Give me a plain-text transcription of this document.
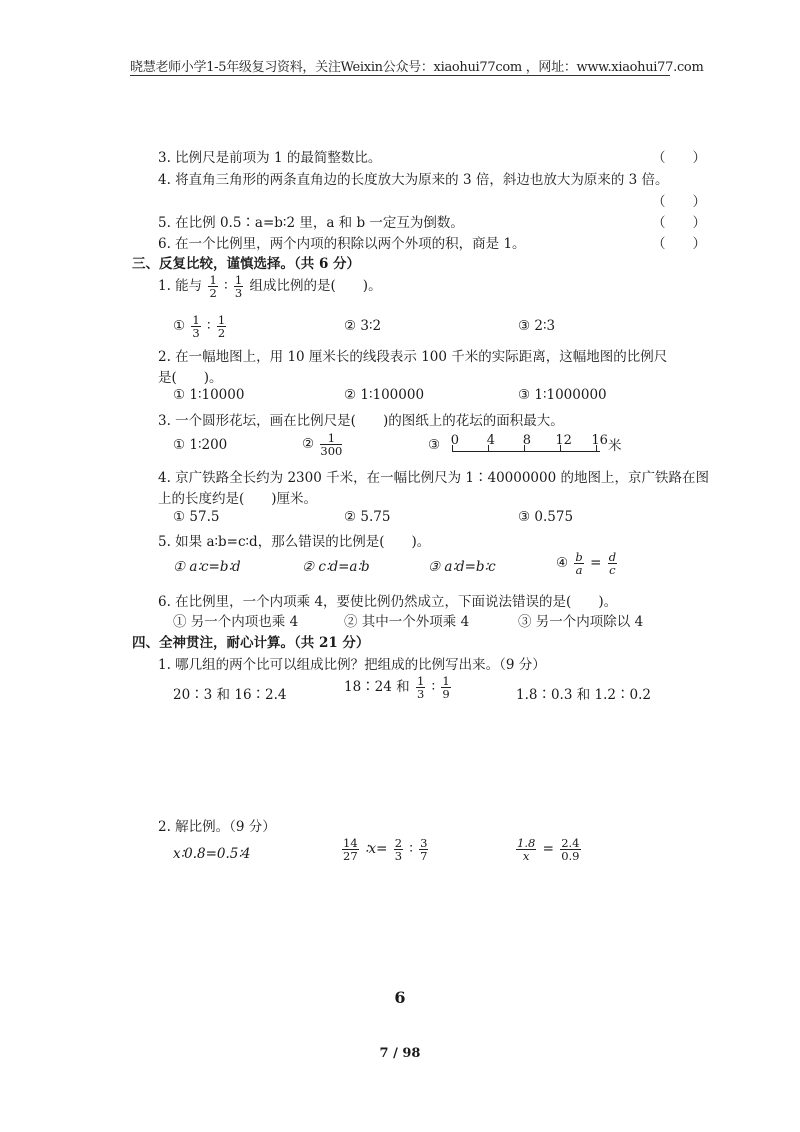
晓慧老师小学1-5年级复习资料，关注Weixin公众号：xiaohui77com ，网址：www.xiaohui77.com
3. 比例尺是前项为 1 的最简整数比。	（　　）
4. 将直角三角形的两条直角边的长度放大为原来的 3 倍，斜边也放大为原来的 3 倍。
（　　）
5. 在比例 0.5∶a=b∶2 里，a 和 b 一定互为倒数。	（　　）
6. 在一个比例里，两个内项的积除以两个外项的积，商是 1。	（　　）
三、反复比较，谨慎选择。（共 6 分）
1. 能与 $\frac{1}{2}$ ∶ $\frac{1}{3}$ 组成比例的是(　　)。
① $\frac{1}{3}$ ∶ $\frac{1}{2}$	② 3∶2	③ 2∶3
2. 在一幅地图上，用 10 厘米长的线段表示 100 千米的实际距离，这幅地图的比例尺
是(　　)。
① 1∶10000	② 1∶100000	③ 1∶1000000
3. 一个圆形花坛，画在比例尺是(　　)的图纸上的花坛的面积最大。
① 1∶200	② $\frac{1}{300}$	③ 0 4 8 12 16 米
4. 京广铁路全长约为 2300 千米，在一幅比例尺为 1∶40000000 的地图上，京广铁路在图
上的长度约是(　　)厘米。
① 57.5	② 5.75	③ 0.575
5. 如果 a∶b=c∶d，那么错误的比例是(　　)。
① a∶c=b∶d	② c∶d=a∶b	③ a∶d=b∶c	④ $\frac{b}{a} = \frac{d}{c}$
6. 在比例里，一个内项乘 4，要使比例仍然成立，下面说法错误的是(　　)。
① 另一个内项也乘 4	② 其中一个外项乘 4	③ 另一个内项除以 4
四、全神贯注，耐心计算。（共 21 分）
1. 哪几组的两个比可以组成比例？把组成的比例写出来。（9 分）
20∶3 和 16∶2.4	18∶24 和 $\frac{1}{3}$ ∶ $\frac{1}{9}$	1.8∶0.3 和 1.2∶0.2
2. 解比例。（9 分）
x∶0.8=0.5∶4	$\frac{14}{27}$ ∶x= $\frac{2}{3}$ ∶ $\frac{3}{7}$	$\frac{1.8}{x} = \frac{2.4}{0.9}$
6
7 / 98
